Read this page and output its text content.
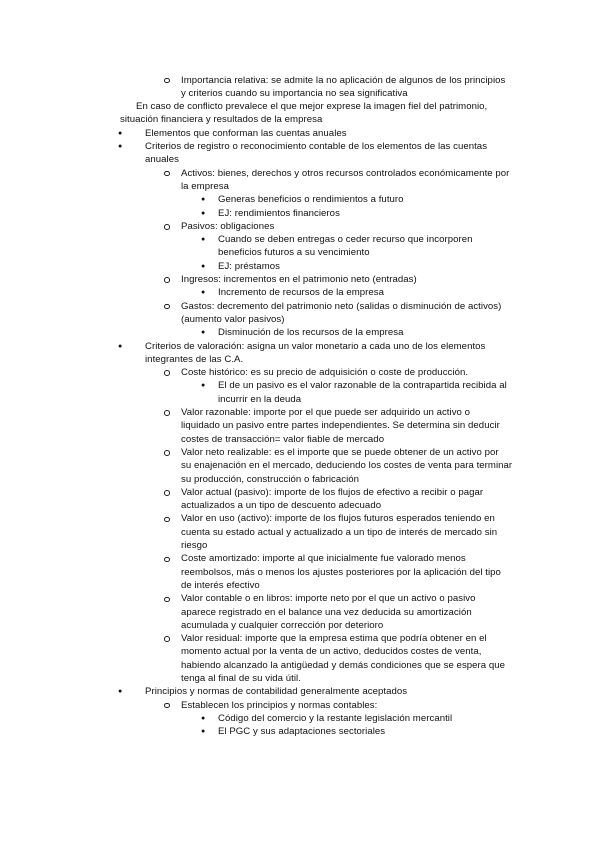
Importancia relativa: se admite la no aplicación de algunos de los principios
y criterios cuando su importancia no sea significativa
En caso de conflicto prevalece el que mejor exprese la imagen fiel del patrimonio,
situación financiera y resultados de la empresa
● Elementos que conforman las cuentas anuales
● Criterios de registro o reconocimiento contable de los elementos de las cuentas
anuales
Activos: bienes, derechos y otros recursos controlados económicamente por
la empresa
● Generas beneficios o rendimientos a futuro
● EJ: rendimientos financieros
Pasivos: obligaciones
● Cuando se deben entregas o ceder recurso que incorporen
beneficios futuros a su vencimiento
● EJ: préstamos
Ingresos: incrementos en el patrimonio neto (entradas)
● Incremento de recursos de la empresa
Gastos: decremento del patrimonio neto (salidas o disminución de activos)
(aumento valor pasivos)
● Disminución de los recursos de la empresa
● Criterios de valoración: asigna un valor monetario a cada uno de los elementos
integrantes de las C.A.
Coste histórico: es su precio de adquisición o coste de producción.
● El de un pasivo es el valor razonable de la contrapartida recibida al
incurrir en la deuda
Valor razonable: importe por el que puede ser adquirido un activo o
liquidado un pasivo entre partes independientes. Se determina sin deducir
costes de transacción= valor fiable de mercado
Valor neto realizable: es el importe que se puede obtener de un activo por
su enajenación en el mercado, deduciendo los costes de venta para terminar
su producción, construcción o fabricación
Valor actual (pasivo): importe de los flujos de efectivo a recibir o pagar
actualizados a un tipo de descuento adecuado
Valor en uso (activo): importe de los flujos futuros esperados teniendo en
cuenta su estado actual y actualizado a un tipo de interés de mercado sin
riesgo
Coste amortizado: importe al que inicialmente fue valorado menos
reembolsos, más o menos los ajustes posteriores por la aplicación del tipo
de interés efectivo
Valor contable o en libros: importe neto por el que un activo o pasivo
aparece registrado en el balance una vez deducida su amortización
acumulada y cualquier corrección por deterioro
Valor residual: importe que la empresa estima que podría obtener en el
momento actual por la venta de un activo, deducidos costes de venta,
habiendo alcanzado la antigüedad y demás condiciones que se espera que
tenga al final de su vida útil.
● Principios y normas de contabilidad generalmente aceptados
Establecen los principios y normas contables:
● Código del comercio y la restante legislación mercantil
● El PGC y sus adaptaciones sectoriales
